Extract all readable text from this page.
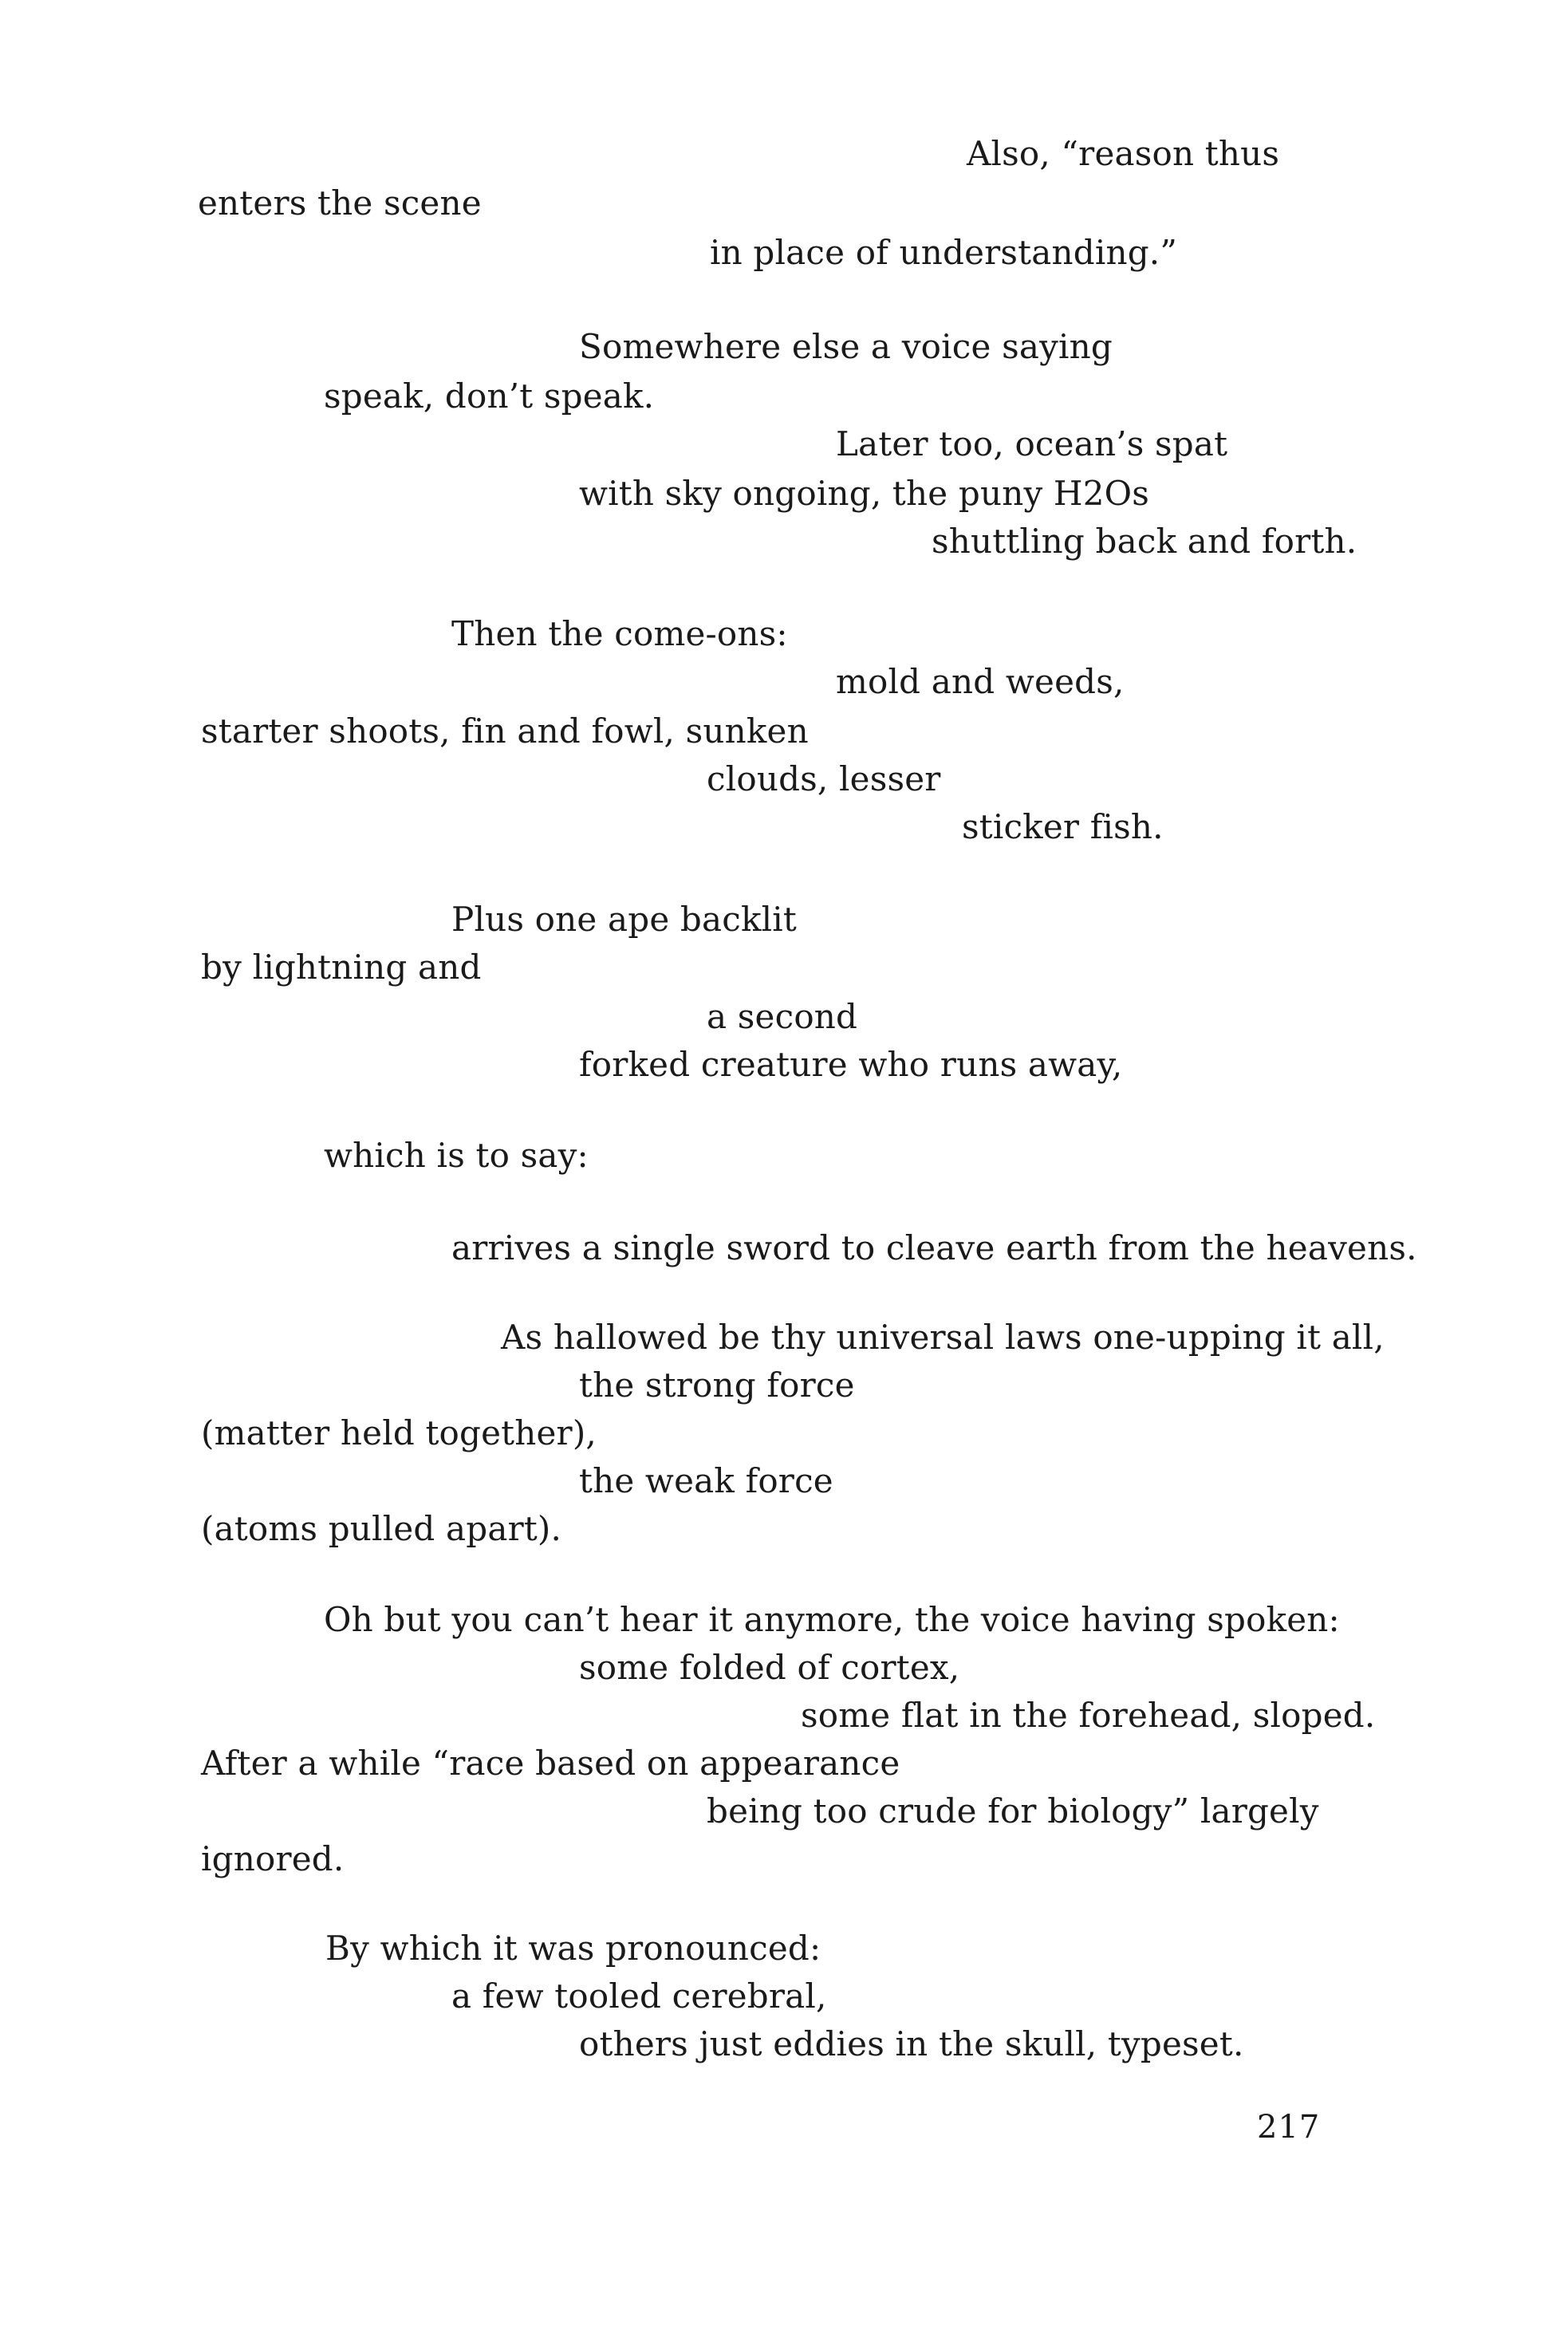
Also, “reason thus

enters the scene

in place of understanding.”

Somewhere else a voice saying

speak, don’t speak.

Later too, ocean’s spat

with sky ongoing, the puny H2Os

shuttling back and forth.

Then the come-ons:

mold and weeds,

starter shoots, fin and fowl, sunken

clouds, lesser

sticker fish.

Plus one ape backlit

by lightning and

a second

forked creature who runs away,

which is to say:

arrives a single sword to cleave earth from the heavens.

As hallowed be thy universal laws one-upping it all,

the strong force

(matter held together),

the weak force

(atoms pulled apart).

Oh but you can’t hear it anymore, the voice having spoken:

some folded of cortex,

some flat in the forehead, sloped.

After a while “race based on appearance

being too crude for biology” largely

ignored.

By which it was pronounced:

a few tooled cerebral,

others just eddies in the skull, typeset.

217
